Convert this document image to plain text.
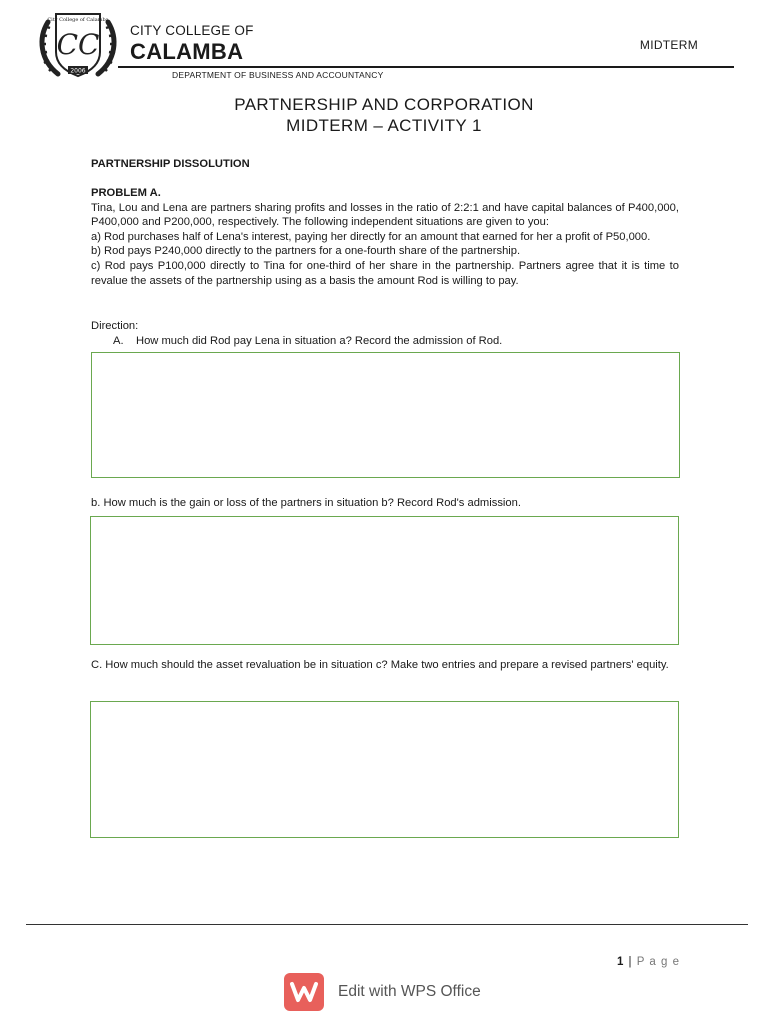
City College of Calamba
CC
2006
CITY COLLEGE OF
CALAMBA	MIDTERM
DEPARTMENT OF BUSINESS AND ACCOUNTANCY
PARTNERSHIP AND CORPORATION
MIDTERM – ACTIVITY 1
PARTNERSHIP DISSOLUTION
PROBLEM A.
Tina, Lou and Lena are partners sharing profits and losses in the ratio of 2:2:1 and have capital balances of P400,000, P400,000 and P200,000, respectively. The following independent situations are given to you:
a) Rod purchases half of Lena's interest, paying her directly for an amount that earned for her a profit of P50,000.
b) Rod pays P240,000 directly to the partners for a one-fourth share of the partnership.
c) Rod pays P100,000 directly to Tina for one-third of her share in the partnership. Partners agree that it is time to revalue the assets of the partnership using as a basis the amount Rod is willing to pay.
Direction:
A.	How much did Rod pay Lena in situation a? Record the admission of Rod.
b. How much is the gain or loss of the partners in situation b? Record Rod's admission.
C. How much should the asset revaluation be in situation c? Make two entries and prepare a revised partners' equity.
1 | P a g e
Edit with WPS Office
